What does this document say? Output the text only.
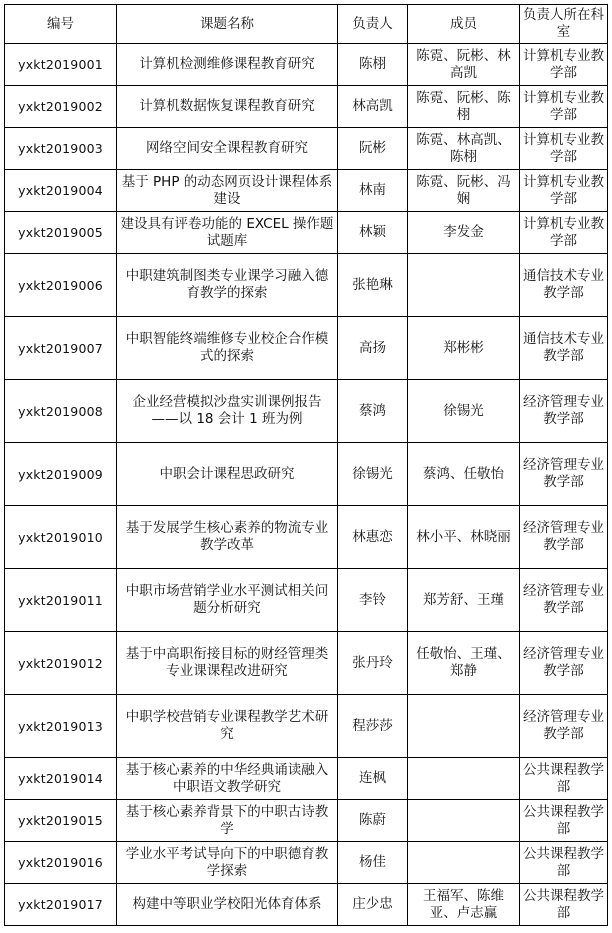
编号	课题名称	负责人	成员	负责人所在科室
yxkt2019001	计算机检测维修课程教育研究	陈栩	陈霓、阮彬、林高凯	计算机专业教学部
yxkt2019002	计算机数据恢复课程教育研究	林高凯	陈霓、阮彬、陈栩	计算机专业教学部
yxkt2019003	网络空间安全课程教育研究	阮彬	陈霓、林高凯、陈栩	计算机专业教学部
yxkt2019004	基于 PHP 的动态网页设计课程体系建设	林南	陈霓、阮彬、冯娴	计算机专业教学部
yxkt2019005	建设具有评卷功能的 EXCEL 操作题试题库	林颖	李发金	计算机专业教学部
yxkt2019006	中职建筑制图类专业课学习融入德育教学的探索	张艳琳		通信技术专业教学部
yxkt2019007	中职智能终端维修专业校企合作模式的探索	高扬	郑彬彬	通信技术专业教学部
yxkt2019008	企业经营模拟沙盘实训课例报告——以 18 会计 1 班为例	蔡鸿	徐锡光	经济管理专业教学部
yxkt2019009	中职会计课程思政研究	徐锡光	蔡鸿、任敬怡	经济管理专业教学部
yxkt2019010	基于发展学生核心素养的物流专业教学改革	林惠恋	林小平、林晓丽	经济管理专业教学部
yxkt2019011	中职市场营销学业水平测试相关问题分析研究	李铃	郑芳舒、王瑾	经济管理专业教学部
yxkt2019012	基于中高职衔接目标的财经管理类专业课课程改进研究	张丹玲	任敬怡、王瑾、郑静	经济管理专业教学部
yxkt2019013	中职学校营销专业课程教学艺术研究	程莎莎		经济管理专业教学部
yxkt2019014	基于核心素养的中华经典诵读融入中职语文教学研究	连枫		公共课程教学部
yxkt2019015	基于核心素养背景下的中职古诗教学	陈蔚		公共课程教学部
yxkt2019016	学业水平考试导向下的中职德育教学探索	杨佳		公共课程教学部
yxkt2019017	构建中等职业学校阳光体育体系	庄少忠	王福军、陈维亚、卢志赢	公共课程教学部
